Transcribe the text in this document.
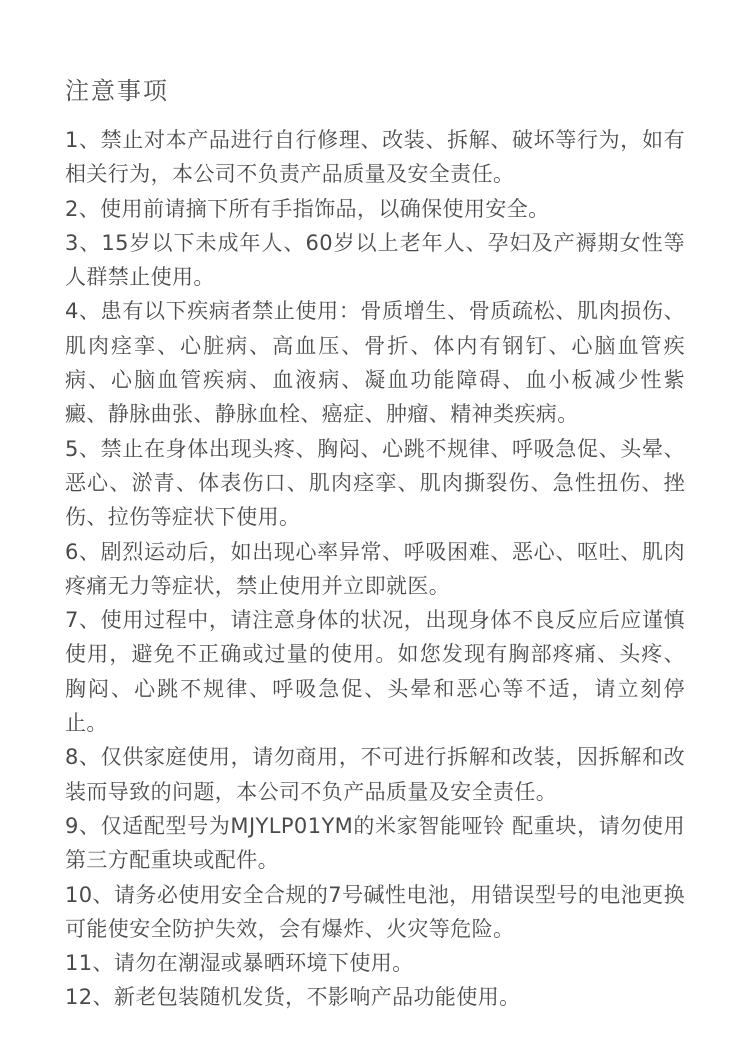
注意事项
1、禁止对本产品进行自行修理、改装、拆解、破坏等行为，如有相关行为，本公司不负责产品质量及安全责任。
2、使用前请摘下所有手指饰品，以确保使用安全。
3、15岁以下未成年人、60岁以上老年人、孕妇及产褥期女性等人群禁止使用。
4、患有以下疾病者禁止使用：骨质增生、骨质疏松、肌肉损伤、肌肉痉挛、心脏病、高血压、骨折、体内有钢钉、心脑血管疾病、心脑血管疾病、血液病、凝血功能障碍、血小板减少性紫癜、静脉曲张、静脉血栓、癌症、肿瘤、精神类疾病。
5、禁止在身体出现头疼、胸闷、心跳不规律、呼吸急促、头晕、恶心、淤青、体表伤口、肌肉痉挛、肌肉撕裂伤、急性扭伤、挫伤、拉伤等症状下使用。
6、剧烈运动后，如出现心率异常、呼吸困难、恶心、呕吐、肌肉疼痛无力等症状，禁止使用并立即就医。
7、使用过程中，请注意身体的状况，出现身体不良反应后应谨慎使用，避免不正确或过量的使用。如您发现有胸部疼痛、头疼、胸闷、心跳不规律、呼吸急促、头晕和恶心等不适，请立刻停止。
8、仅供家庭使用，请勿商用，不可进行拆解和改装，因拆解和改装而导致的问题，本公司不负产品质量及安全责任。
9、仅适配型号为MJYLP01YM的米家智能哑铃 配重块，请勿使用第三方配重块或配件。
10、请务必使用安全合规的7号碱性电池，用错误型号的电池更换可能使安全防护失效，会有爆炸、火灾等危险。
11、请勿在潮湿或暴晒环境下使用。
12、新老包装随机发货，不影响产品功能使用。
